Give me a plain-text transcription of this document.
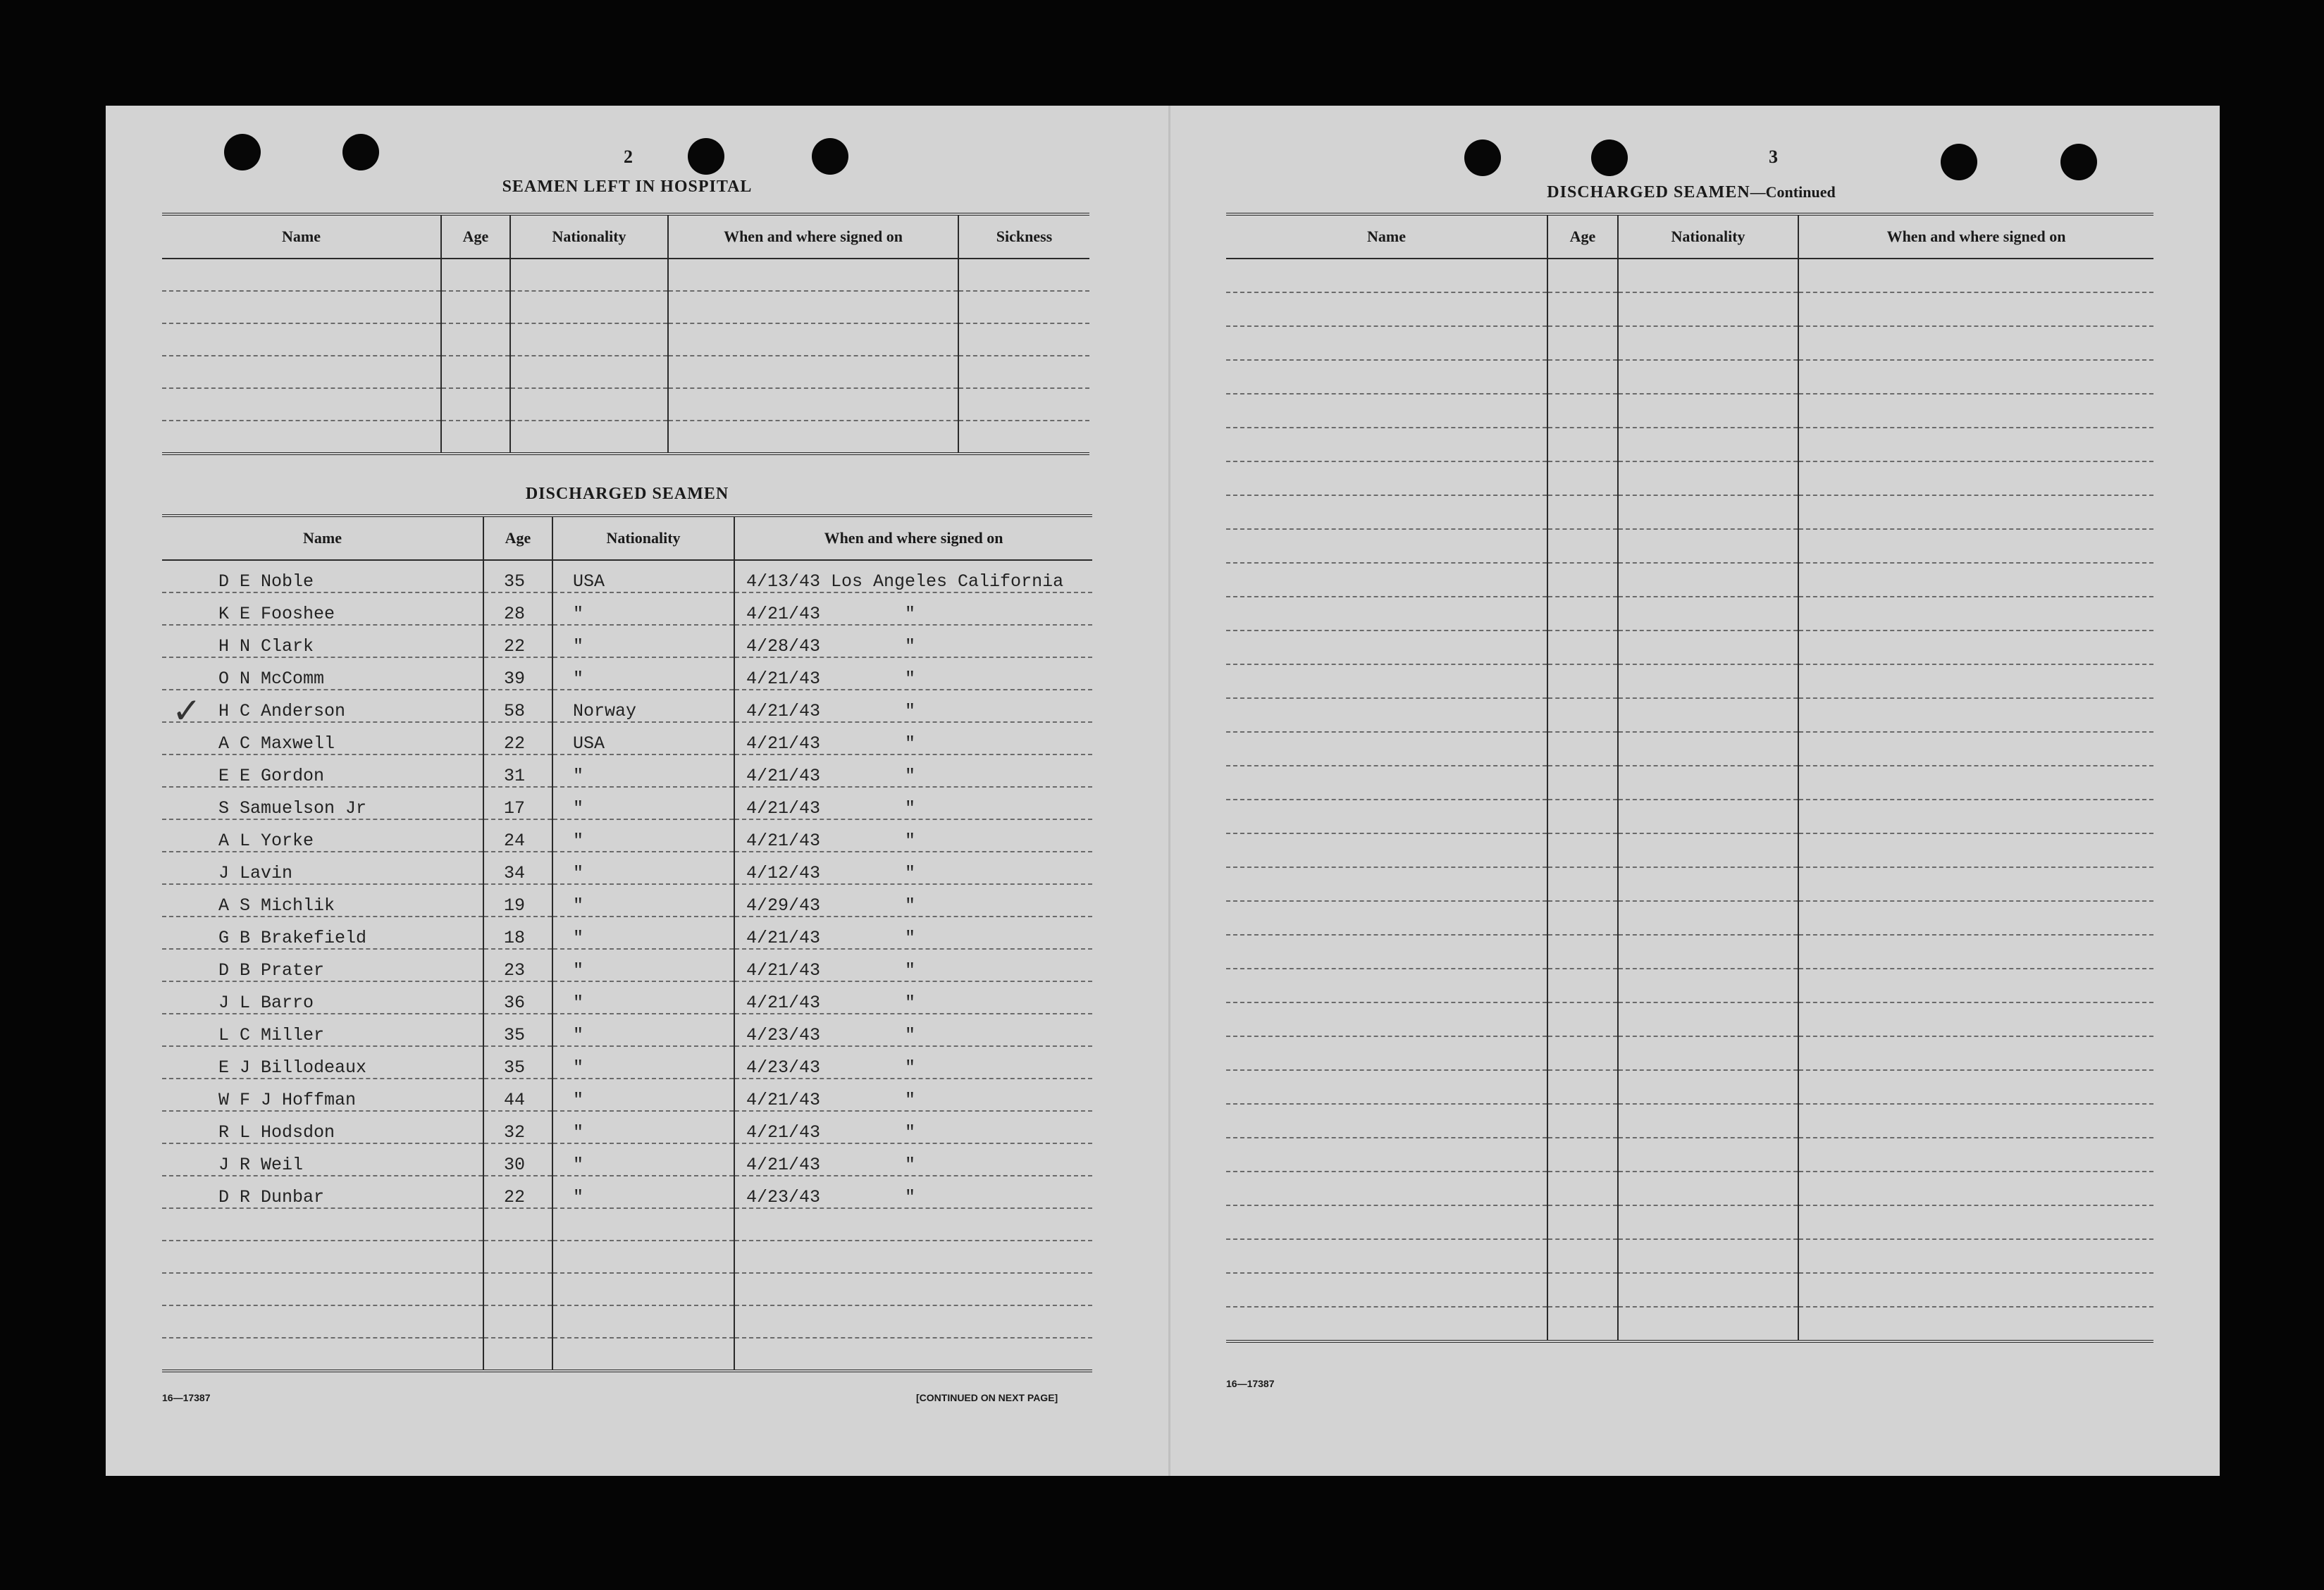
2
SEAMEN LEFT IN HOSPITAL
Name	Age	Nationality	When and where signed on	Sickness

DISCHARGED SEAMEN
Name	Age	Nationality	When and where signed on
D E Noble	35	USA	4/13/43 Los Angeles California
K E Fooshee	28	"	4/21/43        "
H N Clark	22	"	4/28/43        "
O N McComm	39	"	4/21/43        "
H C Anderson	58	Norway	4/21/43        "
A C Maxwell	22	USA	4/21/43        "
E E Gordon	31	"	4/21/43        "
S Samuelson Jr	17	"	4/21/43        "
A L Yorke	24	"	4/21/43        "
J Lavin	34	"	4/12/43        "
A S Michlik	19	"	4/29/43        "
G B Brakefield	18	"	4/21/43        "
D B Prater	23	"	4/21/43        "
J L Barro	36	"	4/21/43        "
L C Miller	35	"	4/23/43        "
E J Billodeaux	35	"	4/23/43        "
W F J Hoffman	44	"	4/21/43        "
R L Hodsdon	32	"	4/21/43        "
J R Weil	30	"	4/21/43        "
D R Dunbar	22	"	4/23/43        "

✓
16—17387	[CONTINUED ON NEXT PAGE]
3
DISCHARGED SEAMEN—Continued
Name	Age	Nationality	When and where signed on

16—17387
